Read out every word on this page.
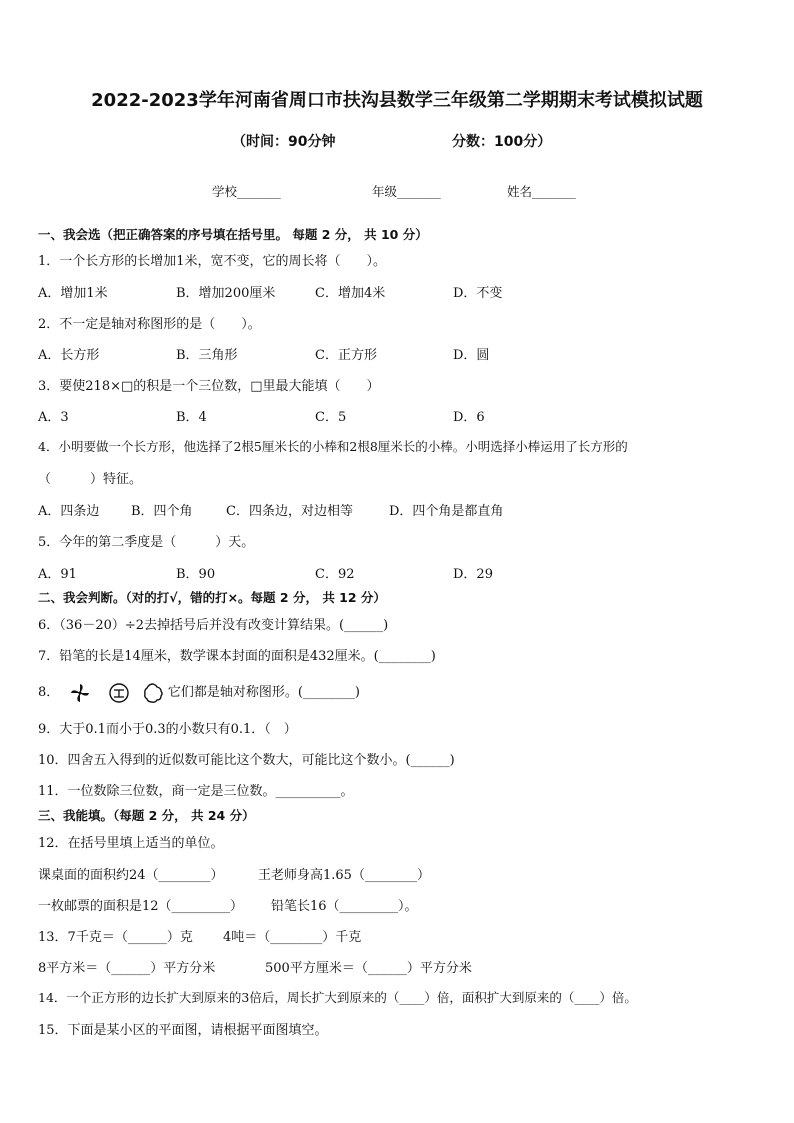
2022-2023学年河南省周口市扶沟县数学三年级第二学期期末考试模拟试题
（时间：90分钟	分数：100分）
学校_______	年级_______	姓名_______
一、我会选（把正确答案的序号填在括号里。 每题 2 分， 共 10 分）
1．一个长方形的长增加1米，宽不变，它的周长将（　　）。
A．增加1米	B．增加200厘米	C．增加4米	D．不变
2．不一定是轴对称图形的是（　　）。
A．长方形	B．三角形	C．正方形	D．圆
3．要使218×□的积是一个三位数，□里最大能填（　　）
A．3	B．4	C．5	D．6
4．小明要做一个长方形，他选择了2根5厘米长的小棒和2根8厘米长的小棒。小明选择小棒运用了长方形的
（　　　）特征。
A．四条边 B．四个角	C．四条边，对边相等	D．四个角是都直角
5．今年的第二季度是（　　　）天。
A．91	B．90	C．92	D．29
二、我会判断。（对的打√，错的打×。每题 2 分， 共 12 分）
6．（36－20）÷2去掉括号后并没有改变计算结果。(______)
7．铅笔的长是14厘米，数学课本封面的面积是432厘米。(________)
8．	它们都是轴对称图形。(________)
9．大于0.1而小于0.3的小数只有0.1．（　）
10．四舍五入得到的近似数可能比这个数大，可能比这个数小。(______)
11．一位数除三位数，商一定是三位数。__________。
三、我能填。（每题 2 分， 共 24 分）
12．在括号里填上适当的单位。
课桌面的面积约24（________）	王老师身高1.65（________）
一枚邮票的面积是12（_________） 铅笔长16（_________）。
13．7千克＝（______）克 4吨＝（________）千克
8平方米＝（______）平方分米	500平方厘米＝（______）平方分米
14．一个正方形的边长扩大到原来的3倍后，周长扩大到原来的（____）倍，面积扩大到原来的（____）倍。
15．下面是某小区的平面图，请根据平面图填空。
